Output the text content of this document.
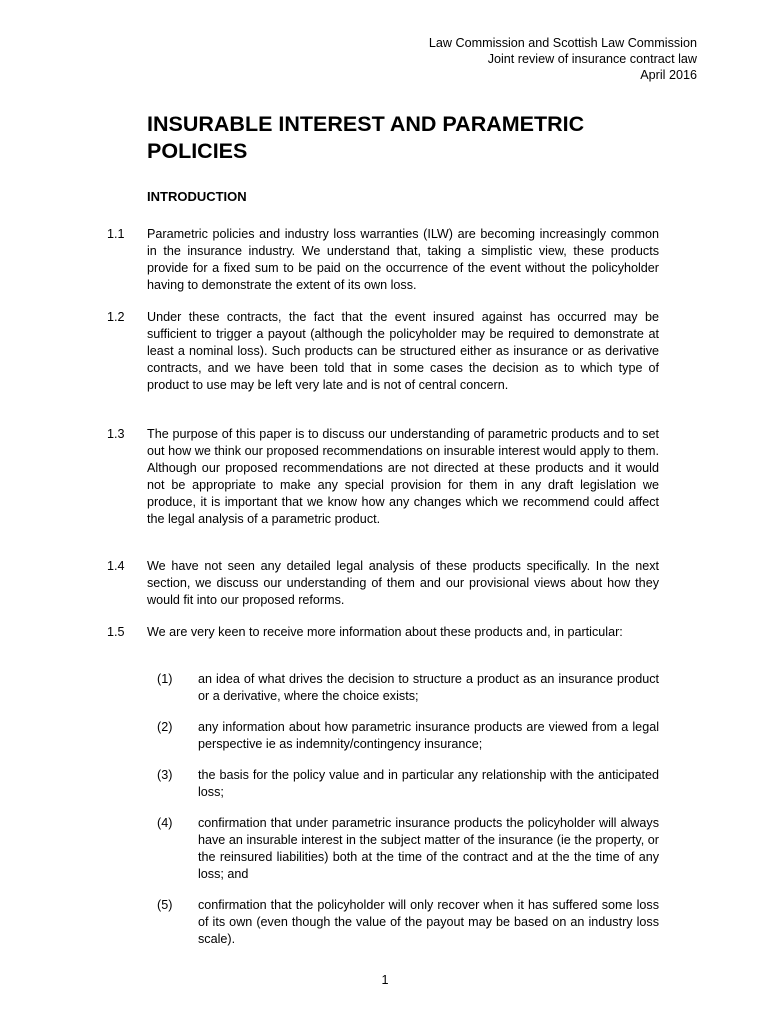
Law Commission and Scottish Law Commission
Joint review of insurance contract law
April 2016
INSURABLE INTEREST AND PARAMETRIC POLICIES
INTRODUCTION
1.1 Parametric policies and industry loss warranties (ILW) are becoming increasingly common in the insurance industry. We understand that, taking a simplistic view, these products provide for a fixed sum to be paid on the occurrence of the event without the policyholder having to demonstrate the extent of its own loss.
1.2 Under these contracts, the fact that the event insured against has occurred may be sufficient to trigger a payout (although the policyholder may be required to demonstrate at least a nominal loss). Such products can be structured either as insurance or as derivative contracts, and we have been told that in some cases the decision as to which type of product to use may be left very late and is not of central concern.
1.3 The purpose of this paper is to discuss our understanding of parametric products and to set out how we think our proposed recommendations on insurable interest would apply to them. Although our proposed recommendations are not directed at these products and it would not be appropriate to make any special provision for them in any draft legislation we produce, it is important that we know how any changes which we recommend could affect the legal analysis of a parametric product.
1.4 We have not seen any detailed legal analysis of these products specifically. In the next section, we discuss our understanding of them and our provisional views about how they would fit into our proposed reforms.
1.5 We are very keen to receive more information about these products and, in particular:
(1) an idea of what drives the decision to structure a product as an insurance product or a derivative, where the choice exists;
(2) any information about how parametric insurance products are viewed from a legal perspective ie as indemnity/contingency insurance;
(3) the basis for the policy value and in particular any relationship with the anticipated loss;
(4) confirmation that under parametric insurance products the policyholder will always have an insurable interest in the subject matter of the insurance (ie the property, or the reinsured liabilities) both at the time of the contract and at the the time of any loss; and
(5) confirmation that the policyholder will only recover when it has suffered some loss of its own (even though the value of the payout may be based on an industry loss scale).
1
